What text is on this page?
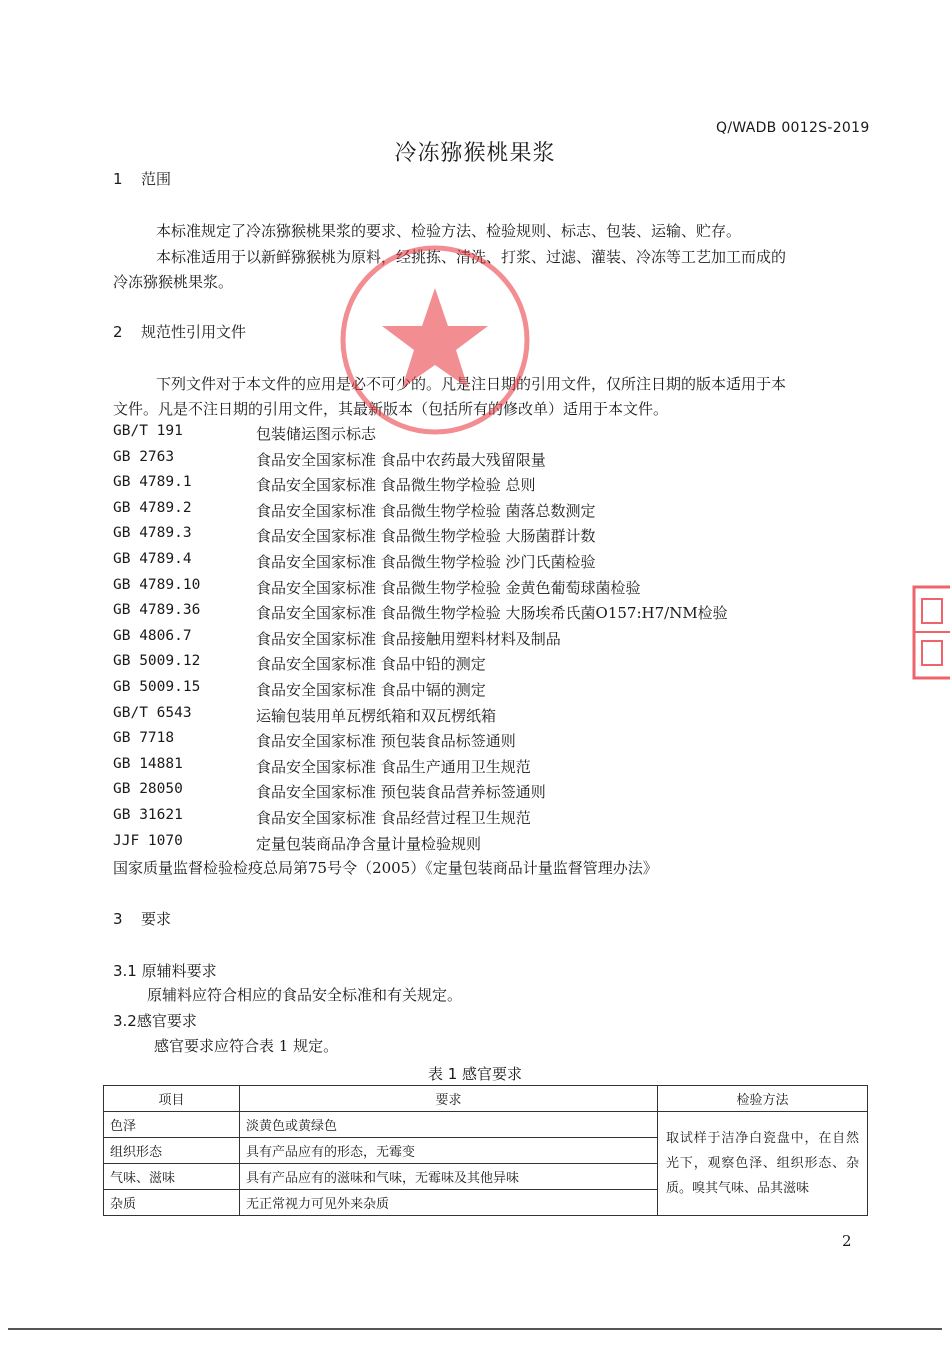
Q/WADB 0012S-2019
冷冻猕猴桃果浆
1 范围
本标准规定了冷冻猕猴桃果浆的要求、检验方法、检验规则、标志、包装、运输、贮存。
本标准适用于以新鲜猕猴桃为原料，经挑拣、清洗、打浆、过滤、灌装、冷冻等工艺加工而成的
冷冻猕猴桃果浆。
2 规范性引用文件
下列文件对于本文件的应用是必不可少的。凡是注日期的引用文件，仅所注日期的版本适用于本
文件。凡是不注日期的引用文件，其最新版本（包括所有的修改单）适用于本文件。
GB/T 191	包装储运图示标志
GB 2763	食品安全国家标准 食品中农药最大残留限量
GB 4789.1	食品安全国家标准 食品微生物学检验 总则
GB 4789.2	食品安全国家标准 食品微生物学检验 菌落总数测定
GB 4789.3	食品安全国家标准 食品微生物学检验 大肠菌群计数
GB 4789.4	食品安全国家标准 食品微生物学检验 沙门氏菌检验
GB 4789.10	食品安全国家标准 食品微生物学检验 金黄色葡萄球菌检验
GB 4789.36	食品安全国家标准 食品微生物学检验 大肠埃希氏菌O157:H7/NM检验
GB 4806.7	食品安全国家标准 食品接触用塑料材料及制品
GB 5009.12	食品安全国家标准 食品中铅的测定
GB 5009.15	食品安全国家标准 食品中镉的测定
GB/T 6543	运输包装用单瓦楞纸箱和双瓦楞纸箱
GB 7718	食品安全国家标准 预包装食品标签通则
GB 14881	食品安全国家标准 食品生产通用卫生规范
GB 28050	食品安全国家标准 预包装食品营养标签通则
GB 31621	食品安全国家标准 食品经营过程卫生规范
JJF 1070	定量包装商品净含量计量检验规则
国家质量监督检验检疫总局第75号令（2005）《定量包装商品计量监督管理办法》
3 要求
3.1 原辅料要求
原辅料应符合相应的食品安全标准和有关规定。
3.2感官要求
感官要求应符合表 1 规定。
表 1 感官要求
项目	要求	检验方法
色泽	淡黄色或黄绿色	取试样于洁净白瓷盘中，在自然光下，观察色泽、组织形态、杂质。嗅其气味、品其滋味
组织形态	具有产品应有的形态，无霉变	
气味、滋味	具有产品应有的滋味和气味，无霉味及其他异味	
杂质	无正常视力可见外来杂质	
2
